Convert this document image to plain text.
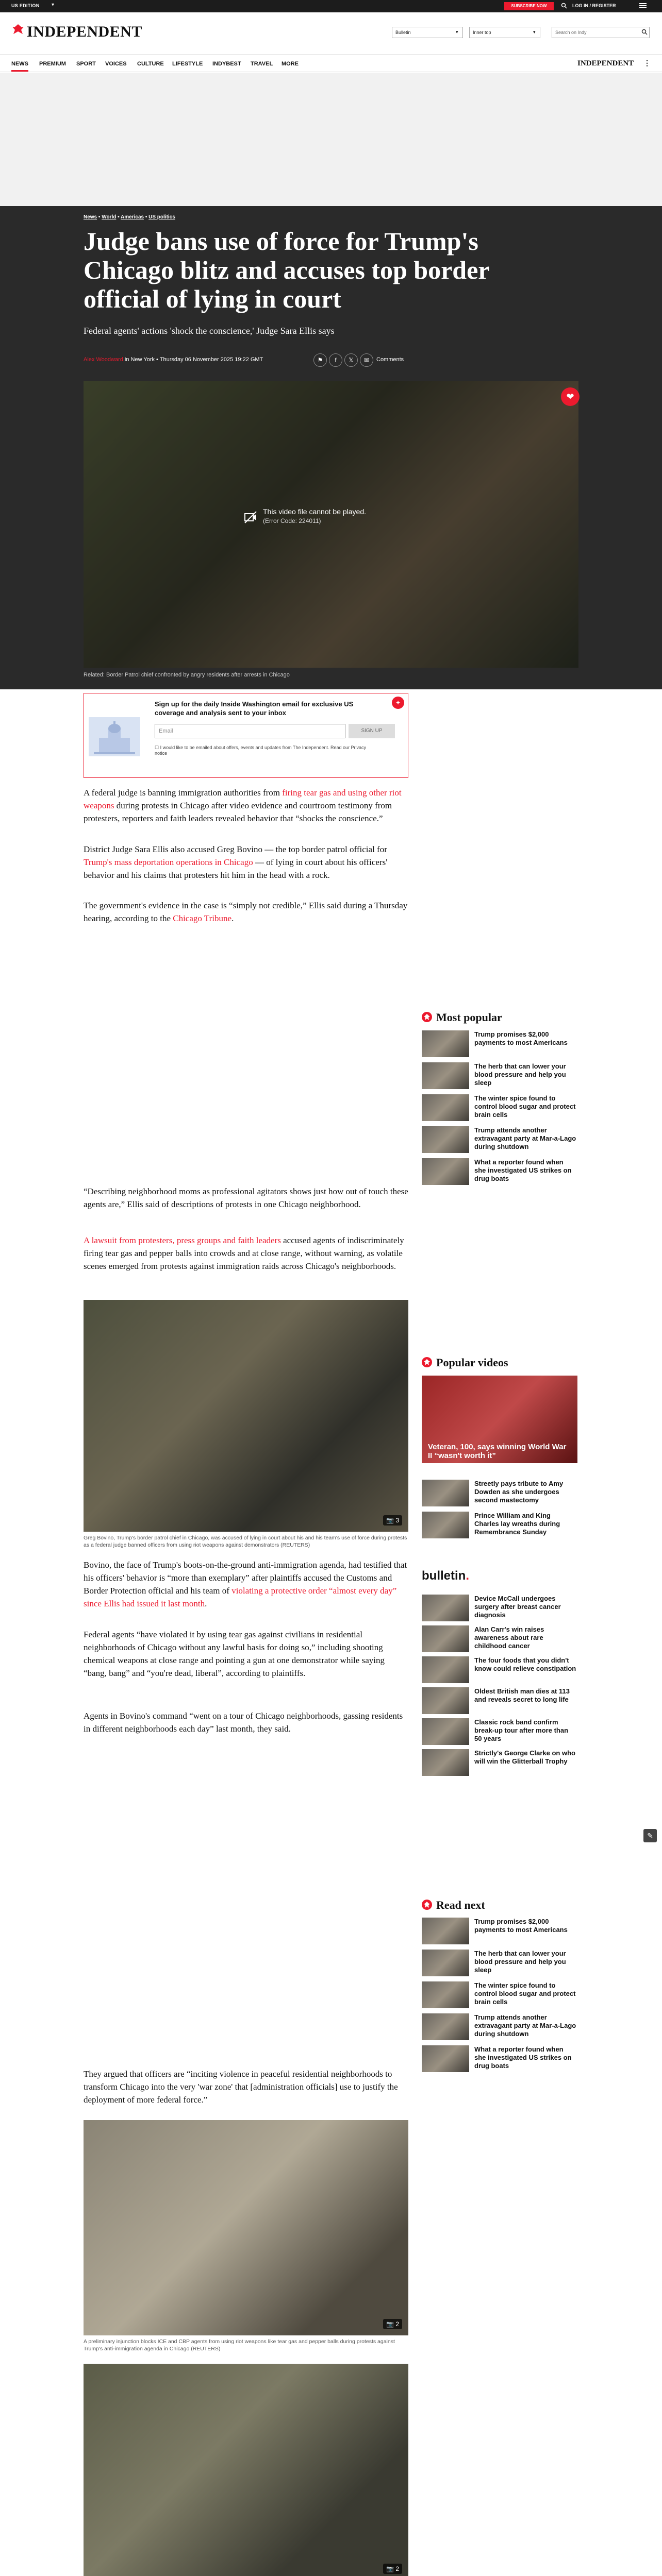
US EDITION ▾	SUBSCRIBE NOW	LOG IN / REGISTER
INDEPENDENT	Bulletin	▾	Inner top	▾	Search on Indy
NEWS PREMIUM SPORT VOICES CULTURE LIFESTYLE INDYBEST TRAVEL MORE	INDEPENDENT ⋮
News • World • Americas • US politics
Judge bans use of force for Trump's Chicago blitz and accuses top border official of lying in court
Federal agents' actions 'shock the conscience,' Judge Sara Ellis says
Alex Woodward in New York • Thursday 06 November 2025 19:22 GMT	⚑	f	𝕏	✉	Comments
This video file cannot be played.
(Error Code: 224011)
❤
Related: Border Patrol chief confronted by angry residents after arrests in Chicago
Sign up for the daily Inside Washington email for exclusive US coverage and analysis sent to your inbox
✦
Email	SIGN UP
☐ I would like to be emailed about offers, events and updates from The Independent. Read our Privacy notice

A federal judge is banning immigration authorities from firing tear gas and using other riot weapons during protests in Chicago after video evidence and courtroom testimony from protesters, reporters and faith leaders revealed behavior that “shocks the conscience.”

District Judge Sara Ellis also accused Greg Bovino — the top border patrol official for Trump's mass deportation operations in Chicago — of lying in court about his officers' behavior and his claims that protesters hit him in the head with a rock.

The government's evidence in the case is “simply not credible,” Ellis said during a Thursday hearing, according to the Chicago Tribune.

“Describing neighborhood moms as professional agitators shows just how out of touch these agents are,” Ellis said of descriptions of protests in one Chicago neighborhood.

A lawsuit from protesters, press groups and faith leaders accused agents of indiscriminately firing tear gas and pepper balls into crowds and at close range, without warning, as volatile scenes emerged from protests against immigration raids across Chicago's neighborhoods.

📷 3
Greg Bovino, Trump's border patrol chief in Chicago, was accused of lying in court about his and his team's use of force during protests as a federal judge banned officers from using riot weapons against demonstrators (REUTERS)

Bovino, the face of Trump's boots-on-the-ground anti-immigration agenda, had testified that his officers' behavior is “more than exemplary” after plaintiffs accused the Customs and Border Protection official and his team of violating a protective order “almost every day” since Ellis had issued it last month.

Federal agents “have violated it by using tear gas against civilians in residential neighborhoods of Chicago without any lawful basis for doing so,” including shooting chemical weapons at close range and pointing a gun at one demonstrator while saying “bang, bang” and “you're dead, liberal”, according to plaintiffs.

Agents in Bovino's command “went on a tour of Chicago neighborhoods, gassing residents in different neighborhoods each day” last month, they said.

They argued that officers are “inciting violence in peaceful residential neighborhoods to transform Chicago into the very 'war zone' that [administration officials] use to justify the deployment of more federal force.”

📷 2
A preliminary injunction blocks ICE and CBP agents from using riot weapons like tear gas and pepper balls during protests against Trump's anti-immigration agenda in Chicago (REUTERS)
📷 2

Most popular
Trump promises $2,000 payments to most Americans
The herb that can lower your blood pressure and help you sleep
The winter spice found to control blood sugar and protect brain cells
Trump attends another extravagant party at Mar-a-Lago during shutdown
What a reporter found when she investigated US strikes on drug boats
Popular videos
Veteran, 100, says winning World War II “wasn't worth it”
Streetly pays tribute to Amy Dowden as she undergoes second mastectomy
Prince William and King Charles lay wreaths during Remembrance Sunday
bulletin.
Device McCall undergoes surgery after breast cancer diagnosis
Alan Carr's win raises awareness about rare childhood cancer
The four foods that you didn't know could relieve constipation
Oldest British man dies at 113 and reveals secret to long life
Classic rock band confirm break-up tour after more than 50 years
Strictly's George Clarke on who will win the Glitterball Trophy
✎
Read next
Trump promises $2,000 payments to most Americans
The herb that can lower your blood pressure and help you sleep
The winter spice found to control blood sugar and protect brain cells
Trump attends another extravagant party at Mar-a-Lago during shutdown
What a reporter found when she investigated US strikes on drug boats
